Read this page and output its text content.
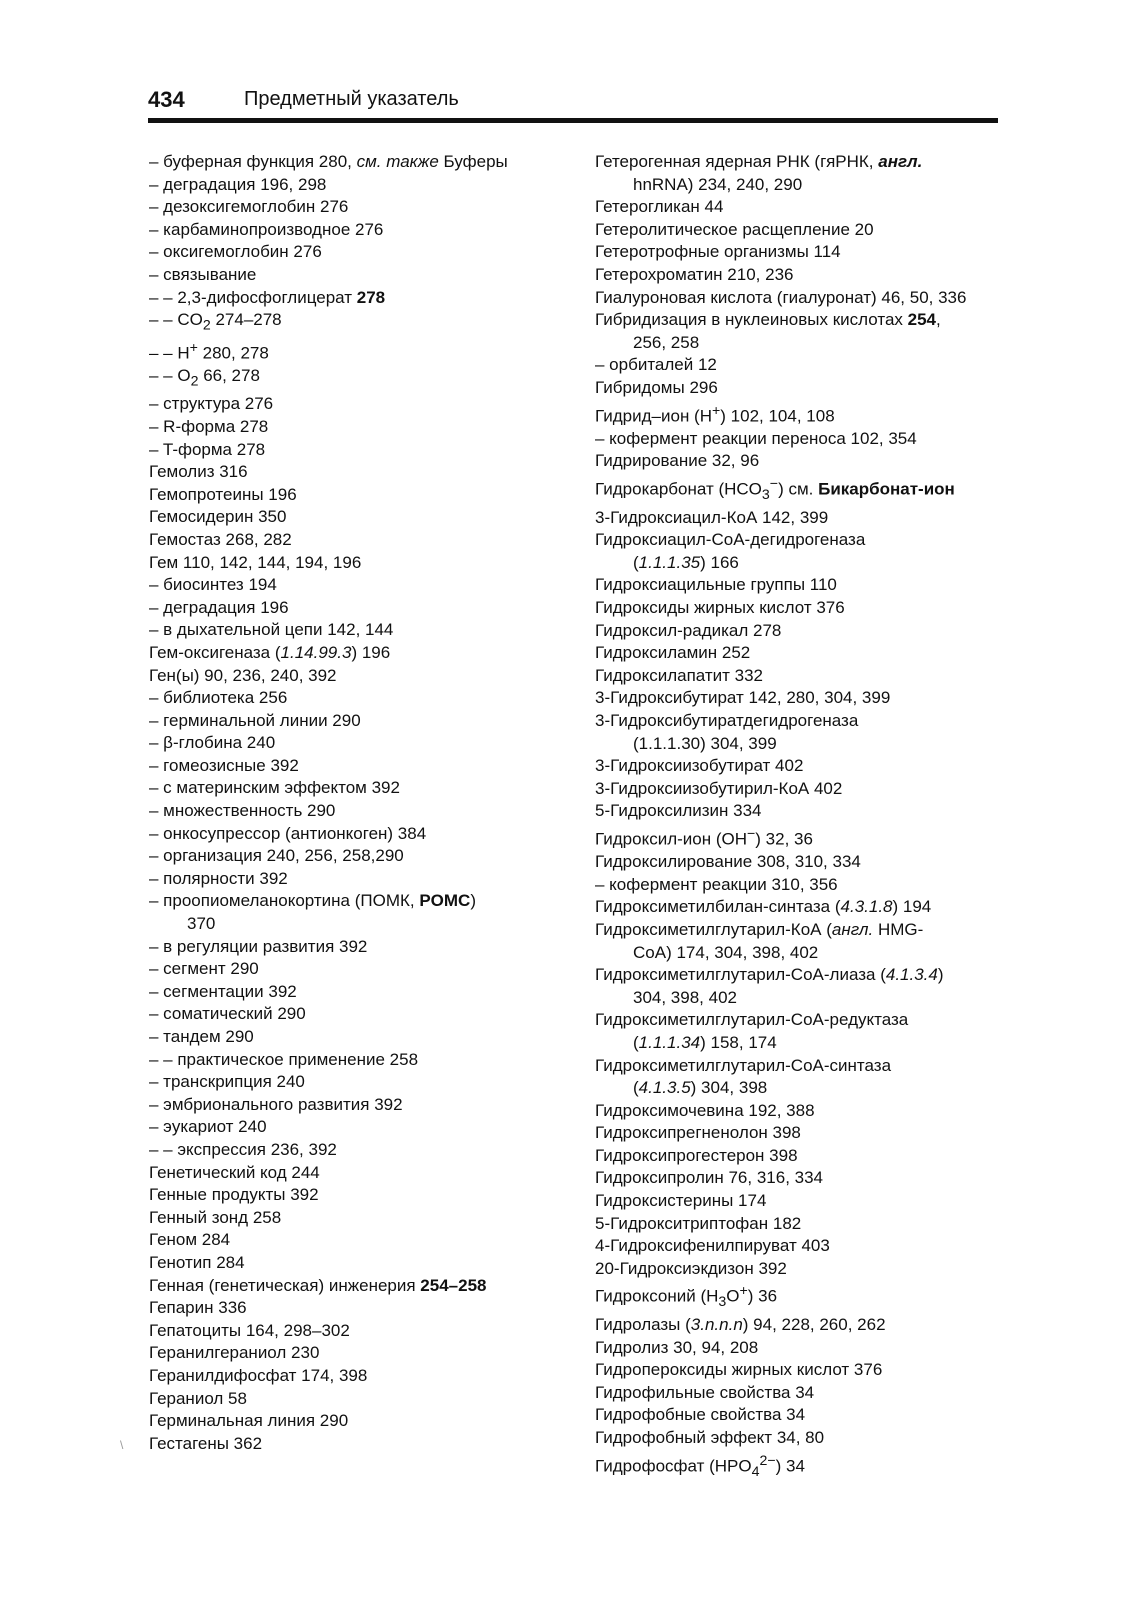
434	Предметный указатель
– буферная функция 280, см. также Буферы
– деградация 196, 298
– дезоксигемоглобин 276
– карбаминопроизводное 276
– оксигемоглобин 276
– связывание
– – 2,3-дифосфоглицерат 278
– – $CO_2$ 274–278
– – H+ 280, 278
– – $O_2$ 66, 278
– структура 276
– R-форма 278
– T-форма 278
Гемолиз 316
Гемопротеины 196
Гемосидерин 350
Гемостаз 268, 282
Гем 110, 142, 144, 194, 196
– биосинтез 194
– деградация 196
– в дыхательной цепи 142, 144
Гем-оксигеназа (1.14.99.3) 196
Ген(ы) 90, 236, 240, 392
– библиотека 256
– герминальной линии 290
– β-глобина 240
– гомеозисные 392
– с материнским эффектом 392
– множественность 290
– онкосупрессор (антионкоген) 384
– организация 240, 256, 258,290
– полярности 392
– проопиомеланокортина (ПОМК, POMC)
370
– в регуляции развития 392
– сегмент 290
– сегментации 392
– соматический 290
– тандем 290
– – практическое применение 258
– транскрипция 240
– эмбрионального развития 392
– эукариот 240
– – экспрессия 236, 392
Генетический код 244
Генные продукты 392
Генный зонд 258
Геном 284
Генотип 284
Генная (генетическая) инженерия 254–258
Гепарин 336
Гепатоциты 164, 298–302
Геранилгераниол 230
Геранилдифосфат 174, 398
Гераниол 58
Герминальная линия 290
Гестагены 362
Гетерогенная ядерная РНК (гяРНК, англ.
hnRNA) 234, 240, 290
Гетерогликан 44
Гетеролитическое расщепление 20
Гетеротрофные организмы 114
Гетерохроматин 210, 236
Гиалуроновая кислота (гиалуронат) 46, 50, 336
Гибридизация в нуклеиновых кислотах 254,
256, 258
– орбиталей 12
Гибридомы 296
Гидрид–ион (H+) 102, 104, 108
– кофермент реакции переноса 102, 354
Гидрирование 32, 96
Гидрокарбонат $(HCO_3^-)$ см. Бикарбонат-ион
3-Гидроксиацил-КоА 142, 399
Гидроксиацил-CoA-дегидрогеназа
(1.1.1.35) 166
Гидроксиацильные группы 110
Гидроксиды жирных кислот 376
Гидроксил-радикал 278
Гидроксиламин 252
Гидроксилапатит 332
3-Гидроксибутират 142, 280, 304, 399
3-Гидроксибутиратдегидрогеназа
(1.1.1.30) 304, 399
3-Гидроксиизобутират 402
3-Гидроксиизобутирил-КоА 402
5-Гидроксилизин 334
Гидроксил-ион (OH−) 32, 36
Гидроксилирование 308, 310, 334
– кофермент реакции 310, 356
Гидроксиметилбилан-синтаза (4.3.1.8) 194
Гидроксиметилглутарил-КоА (англ. HMG-
CoA) 174, 304, 398, 402
Гидроксиметилглутарил-CoA-лиаза (4.1.3.4)
304, 398, 402
Гидроксиметилглутарил-CoA-редуктаза
(1.1.1.34) 158, 174
Гидроксиметилглутарил-CoA-синтаза
(4.1.3.5) 304, 398
Гидроксимочевина 192, 388
Гидроксипрегненолон 398
Гидроксипрогестерон 398
Гидроксипролин 76, 316, 334
Гидроксистерины 174
5-Гидрокситриптофан 182
4-Гидроксифенилпируват 403
20-Гидроксиэкдизон 392
Гидроксоний $(H_3O^+)$ 36
Гидролазы (3.n.n.n) 94, 228, 260, 262
Гидролиз 30, 94, 208
Гидропероксиды жирных кислот 376
Гидрофильные свойства 34
Гидрофобные свойства 34
Гидрофобный эффект 34, 80
Гидрофосфат $(HPO_4^{2-})$ 34
\
